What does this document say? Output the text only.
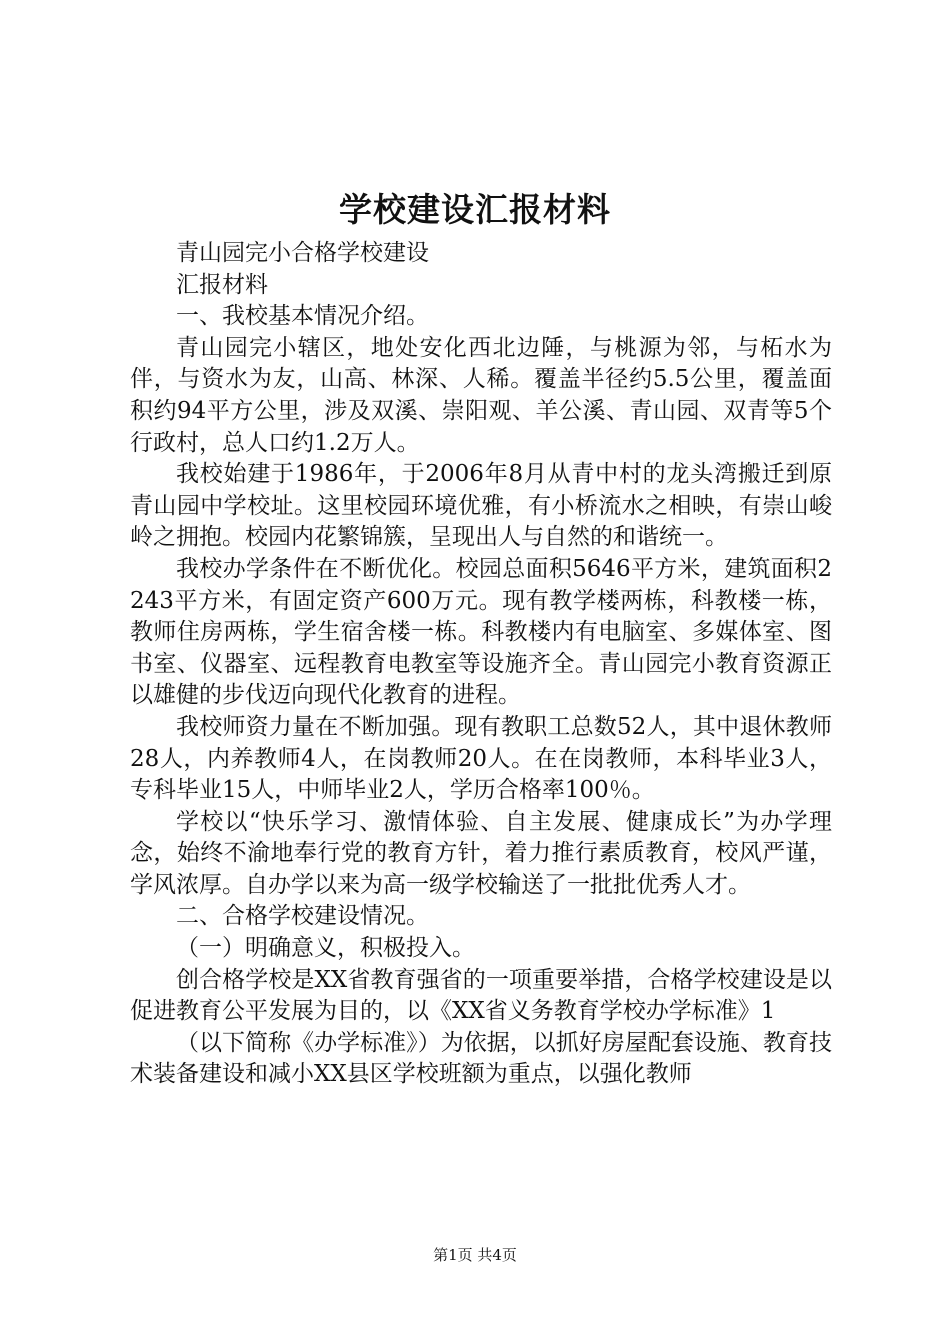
学校建设汇报材料

青山园完小合格学校建设

汇报材料

一、我校基本情况介绍。

青山园完小辖区，地处安化西北边陲，与桃源为邻，与柘水为伴，与资水为友，山高、林深、人稀。覆盖半径约5.5公里，覆盖面积约94平方公里，涉及双溪、崇阳观、羊公溪、青山园、双青等5个行政村，总人口约1.2万人。

我校始建于1986年，于2006年8月从青中村的龙头湾搬迁到原青山园中学校址。这里校园环境优雅，有小桥流水之相映，有崇山峻岭之拥抱。校园内花繁锦簇，呈现出人与自然的和谐统一。

我校办学条件在不断优化。校园总面积5646平方米，建筑面积2243平方米，有固定资产600万元。现有教学楼两栋，科教楼一栋，教师住房两栋，学生宿舍楼一栋。科教楼内有电脑室、多媒体室、图书室、仪器室、远程教育电教室等设施齐全。青山园完小教育资源正以雄健的步伐迈向现代化教育的进程。

我校师资力量在不断加强。现有教职工总数52人，其中退休教师28人，内养教师4人，在岗教师20人。在在岗教师，本科毕业3人，专科毕业15人，中师毕业2人，学历合格率100％。

学校以“快乐学习、激情体验、自主发展、健康成长”为办学理念，始终不渝地奉行党的教育方针，着力推行素质教育，校风严谨，学风浓厚。自办学以来为高一级学校输送了一批批优秀人才。

二、合格学校建设情况。

（一）明确意义，积极投入。

创合格学校是XX省教育强省的一项重要举措，合格学校建设是以促进教育公平发展为目的，以《XX省义务教育学校办学标准》1

（以下简称《办学标准》）为依据，以抓好房屋配套设施、教育技术装备建设和减小XX县区学校班额为重点，以强化教师

第1页 共4页
